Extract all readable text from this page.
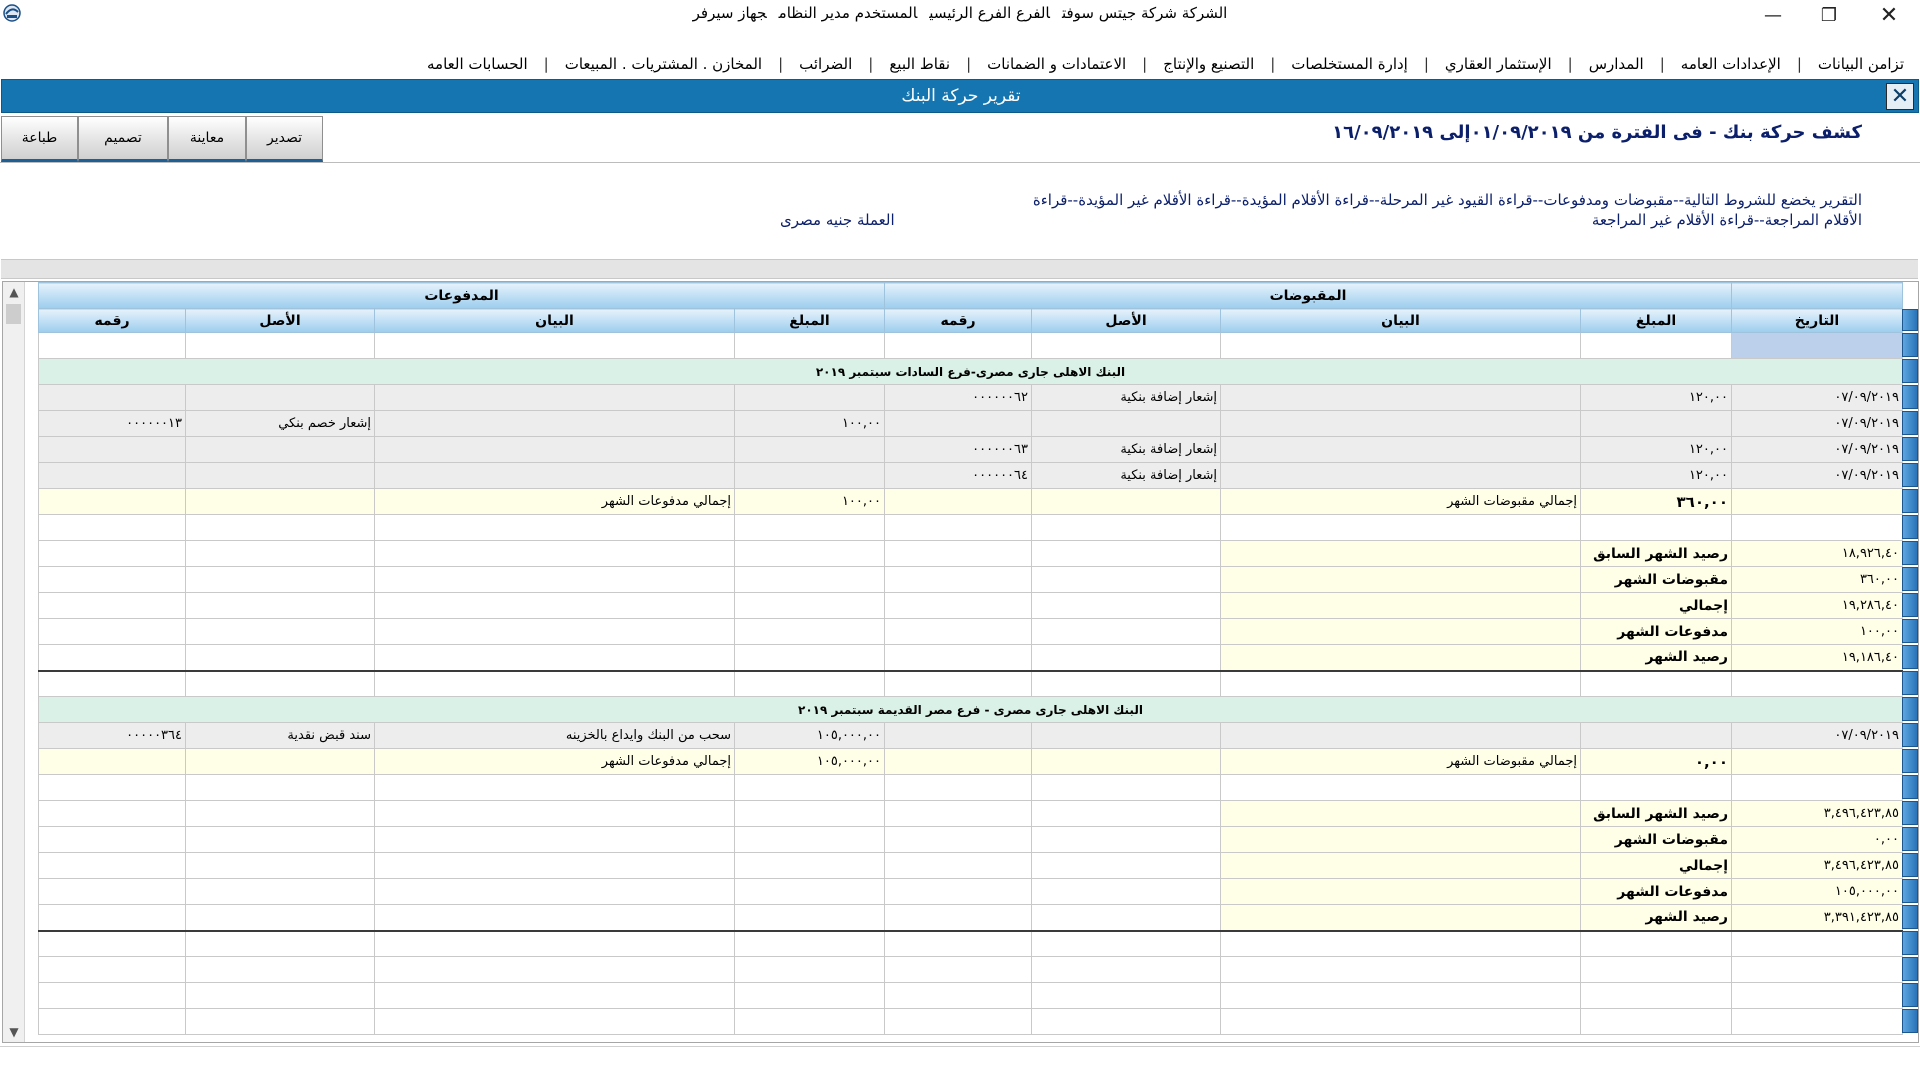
الشركة شركة جيتس سوفتالفرع الفرع الرئيسيالمستخدم مدير النظامجهاز سيرفر	—	❐	✕
الحسابات العامه	|	المخازن . المشتريات . المبيعات	|	الضرائب	|	نقاط البيع	|	الاعتمادات و الضمانات	|	التصنيع والإنتاج	|	إدارة المستخلصات	|	الإستثمار العقاري	|	المدارس	|	الإعدادات العامه	|	تزامن البيانات
تقرير حركة البنك	✕
طباعة	تصميم	معاينة	تصدير	كشف حركة بنك - فى الفترة من ٠١/٠٩/٢٠١٩إلى ١٦/٠٩/٢٠١٩
التقرير يخضع للشروط التالية--مقبوضات ومدفوعات--قراءة القيود غير المرحلة--قراءة الأقلام المؤيدة--قراءة الأقلام غير المؤيدة--قراءة الأقلام المراجعة--قراءة الأقلام غير المراجعة
العملة جنيه مصرى
▲
▼
المدفوعات				المقبوضات				
رقمه	الأصل	البيان	المبلغ	رقمه	الأصل	البيان	المبلغ	التاريخ

البنك الاهلى جارى مصرى-فرع السادات سبتمبر ٢٠١٩								
				٠٠٠٠٠٠٦٢	إشعار إضافة بنكية		١٢٠,٠٠	٠٧/٠٩/٢٠١٩
٠٠٠٠٠٠١٣	إشعار خصم بنكي		١٠٠,٠٠					٠٧/٠٩/٢٠١٩
				٠٠٠٠٠٠٦٣	إشعار إضافة بنكية		١٢٠,٠٠	٠٧/٠٩/٢٠١٩
				٠٠٠٠٠٠٦٤	إشعار إضافة بنكية		١٢٠,٠٠	٠٧/٠٩/٢٠١٩
		إجمالي مدفوعات الشهر	١٠٠,٠٠			إجمالي مقبوضات الشهر	٣٦٠,٠٠	

							رصيد الشهر السابق	١٨,٩٢٦,٤٠
							مقبوضات الشهر	٣٦٠,٠٠
							إجمالي	١٩,٢٨٦,٤٠
							مدفوعات الشهر	١٠٠,٠٠
							رصيد الشهر	١٩,١٨٦,٤٠

البنك الاهلى جارى مصرى - فرع مصر القديمة سبتمبر ٢٠١٩								
٠٠٠٠٠٣٦٤	سند قبض نقدية	سحب من البنك وايداع بالخزينه	١٠٥,٠٠٠,٠٠					٠٧/٠٩/٢٠١٩
		إجمالي مدفوعات الشهر	١٠٥,٠٠٠,٠٠			إجمالي مقبوضات الشهر	٠,٠٠	

							رصيد الشهر السابق	٣,٤٩٦,٤٢٣,٨٥
							مقبوضات الشهر	٠,٠٠
							إجمالي	٣,٤٩٦,٤٢٣,٨٥
							مدفوعات الشهر	١٠٥,٠٠٠,٠٠
							رصيد الشهر	٣,٣٩١,٤٢٣,٨٥
